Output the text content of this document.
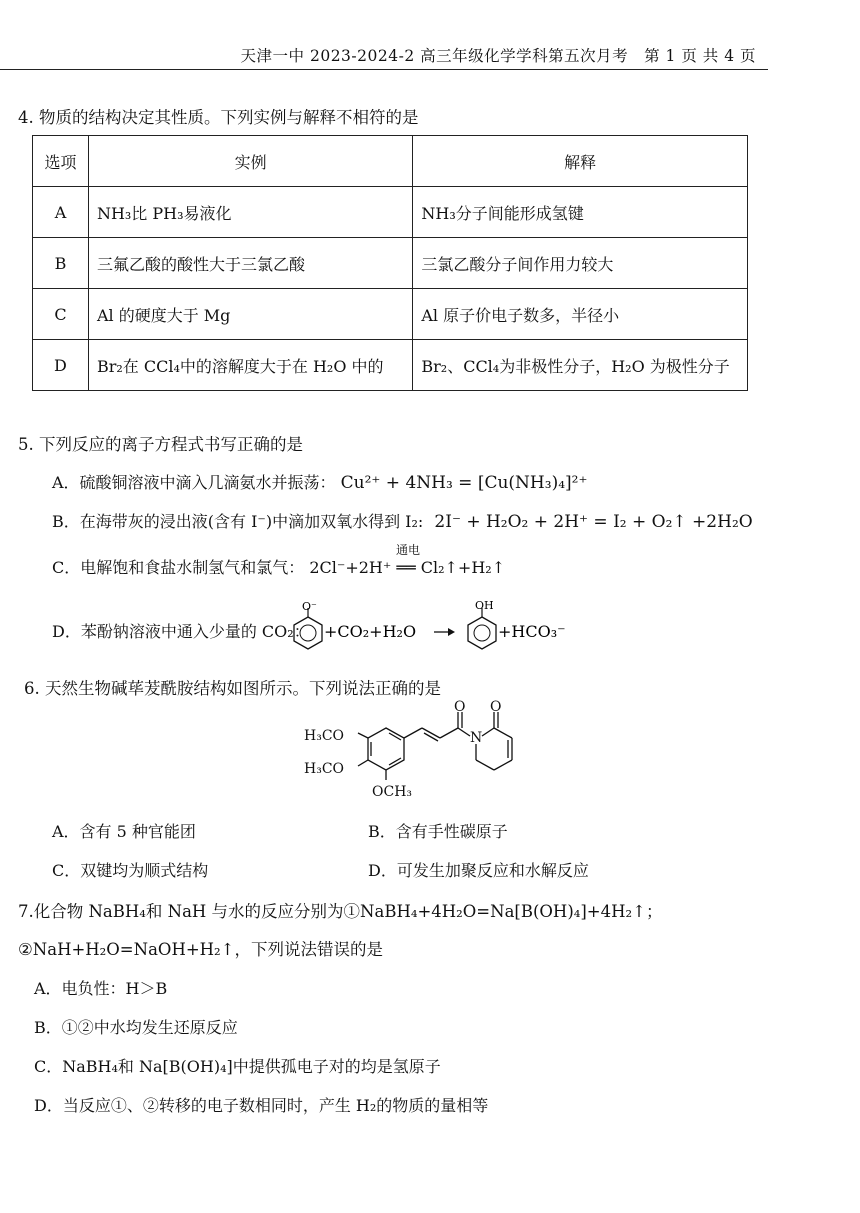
天津一中 2023-2024-2 高三年级化学学科第五次月考　第 1 页 共 4 页
4. 物质的结构决定其性质。下列实例与解释不相符的是
选项	实例	解释
A	NH₃比 PH₃易液化	NH₃分子间能形成氢键
B	三氟乙酸的酸性大于三氯乙酸	三氯乙酸分子间作用力较大
C	Al 的硬度大于 Mg	Al 原子价电子数多，半径小
D	Br₂在 CCl₄中的溶解度大于在 H₂O 中的	Br₂、CCl₄为非极性分子，H₂O 为极性分子
5. 下列反应的离子方程式书写正确的是
A．硫酸铜溶液中滴入几滴氨水并振荡： Cu²⁺ + 4NH₃ = [Cu(NH₃)₄]²⁺
B．在海带灰的浸出液(含有 I⁻)中滴加双氧水得到 I₂: 2I⁻ + H₂O₂ + 2H⁺ = I₂ + O₂↑ +2H₂O
C．电解饱和食盐水制氢气和氯气： 2Cl⁻+2H⁺ ══ Cl₂↑+H₂↑
通电
D．苯酚钠溶液中通入少量的 CO₂：
O⁻
+CO₂+H₂O
OH
+HCO₃⁻
6. 天然生物碱荜茇酰胺结构如图所示。下列说法正确的是
H₃CO
H₃CO
OCH₃
N
O O
A．含有 5 种官能团	B．含有手性碳原子
C．双键均为顺式结构	D．可发生加聚反应和水解反应
7.化合物 NaBH₄和 NaH 与水的反应分别为①NaBH₄+4H₂O=Na[B(OH)₄]+4H₂↑；
②NaH+H₂O=NaOH+H₂↑，下列说法错误的是
A．电负性：H＞B
B．①②中水均发生还原反应
C．NaBH₄和 Na[B(OH)₄]中提供孤电子对的均是氢原子
D．当反应①、②转移的电子数相同时，产生 H₂的物质的量相等
